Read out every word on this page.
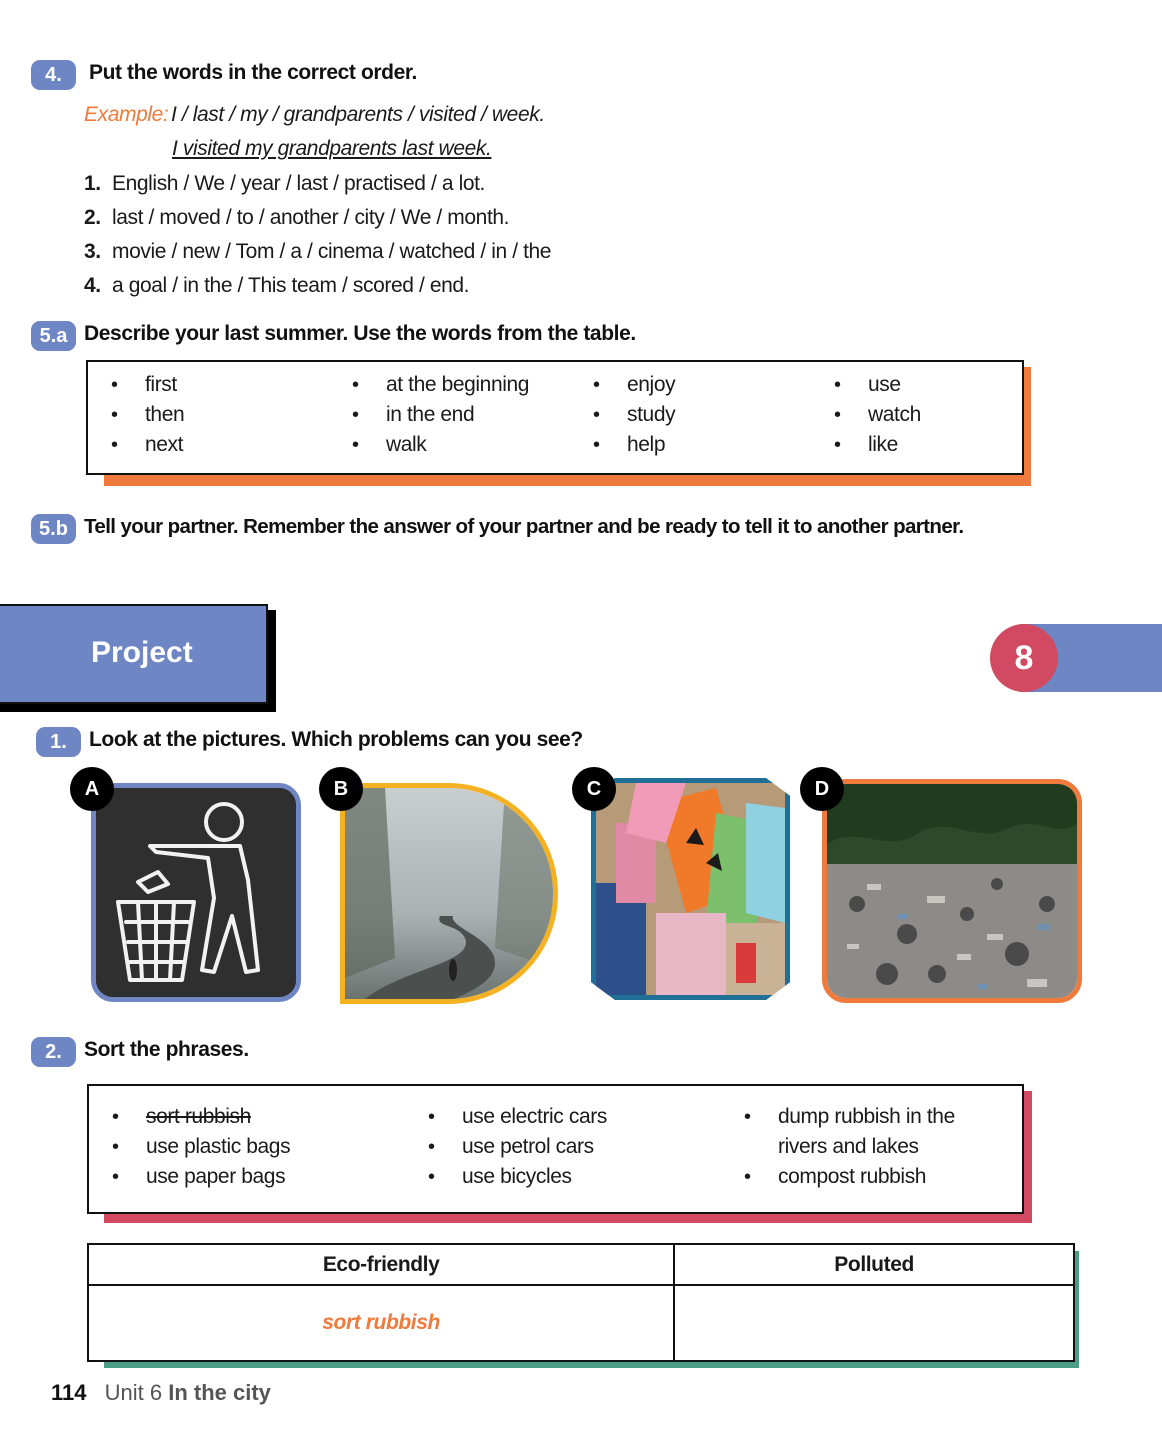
4.	Put the words in the correct order.
Example: I / last / my / grandparents / visited / week.
I visited my grandparents last week.
1. English / We / year / last / practised / a lot.
2. last / moved / to / another / city / We / month.
3. movie / new / Tom / a / cinema / watched / in / the
4. a goal / in the / This team / scored / end.
5.a Describe your last summer. Use the words from the table.
• first
• then
• next
• at the beginning
• in the end
• walk
• enjoy
• study
• help
• use
• watch
• like
5.b Tell your partner. Remember the answer of your partner and be ready to tell it to another partner.
Project	8
1.	Look at the pictures. Which problems can you see?
A	B	C	D
2.	Sort the phrases.
• sort rubbish
• use plastic bags
• use paper bags
• use electric cars
• use petrol cars
• use bicycles
• dump rubbish in the rivers and lakes
• compost rubbish
Eco-friendly	Polluted
sort rubbish	
114 Unit 6 In the city
